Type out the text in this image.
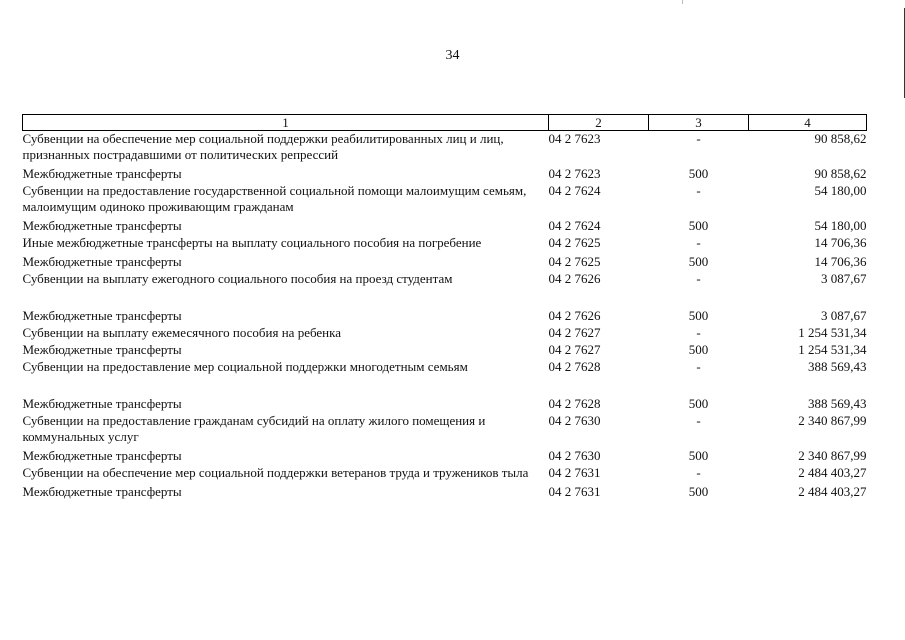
34
1	2	3	4
Субвенции на обеспечение мер социальной поддержки реабилитированных лиц и лиц, признанных пострадавшими от политических репрессий	04 2 7623	-	90 858,62
Межбюджетные трансферты	04 2 7623	500	90 858,62
Субвенции на предоставление государственной социальной помощи малоимущим семьям, малоимущим одиноко проживающим гражданам	04 2 7624	-	54 180,00
Межбюджетные трансферты	04 2 7624	500	54 180,00
Иные межбюджетные трансферты на выплату социального пособия на погребение	04 2 7625	-	14 706,36
Межбюджетные трансферты	04 2 7625	500	14 706,36
Субвенции на выплату ежегодного социального пособия на проезд студентам	04 2 7626	-	3 087,67
Межбюджетные трансферты	04 2 7626	500	3 087,67
Субвенции на выплату ежемесячного пособия на ребенка	04 2 7627	-	1 254 531,34
Межбюджетные трансферты	04 2 7627	500	1 254 531,34
Субвенции на предоставление мер социальной поддержки многодетным семьям	04 2 7628	-	388 569,43
Межбюджетные трансферты	04 2 7628	500	388 569,43
Субвенции на предоставление гражданам субсидий на оплату жилого помещения и коммунальных услуг	04 2 7630	-	2 340 867,99
Межбюджетные трансферты	04 2 7630	500	2 340 867,99
Субвенции на обеспечение мер социальной поддержки ветеранов труда и тружеников тыла	04 2 7631	-	2 484 403,27
Межбюджетные трансферты	04 2 7631	500	2 484 403,27
